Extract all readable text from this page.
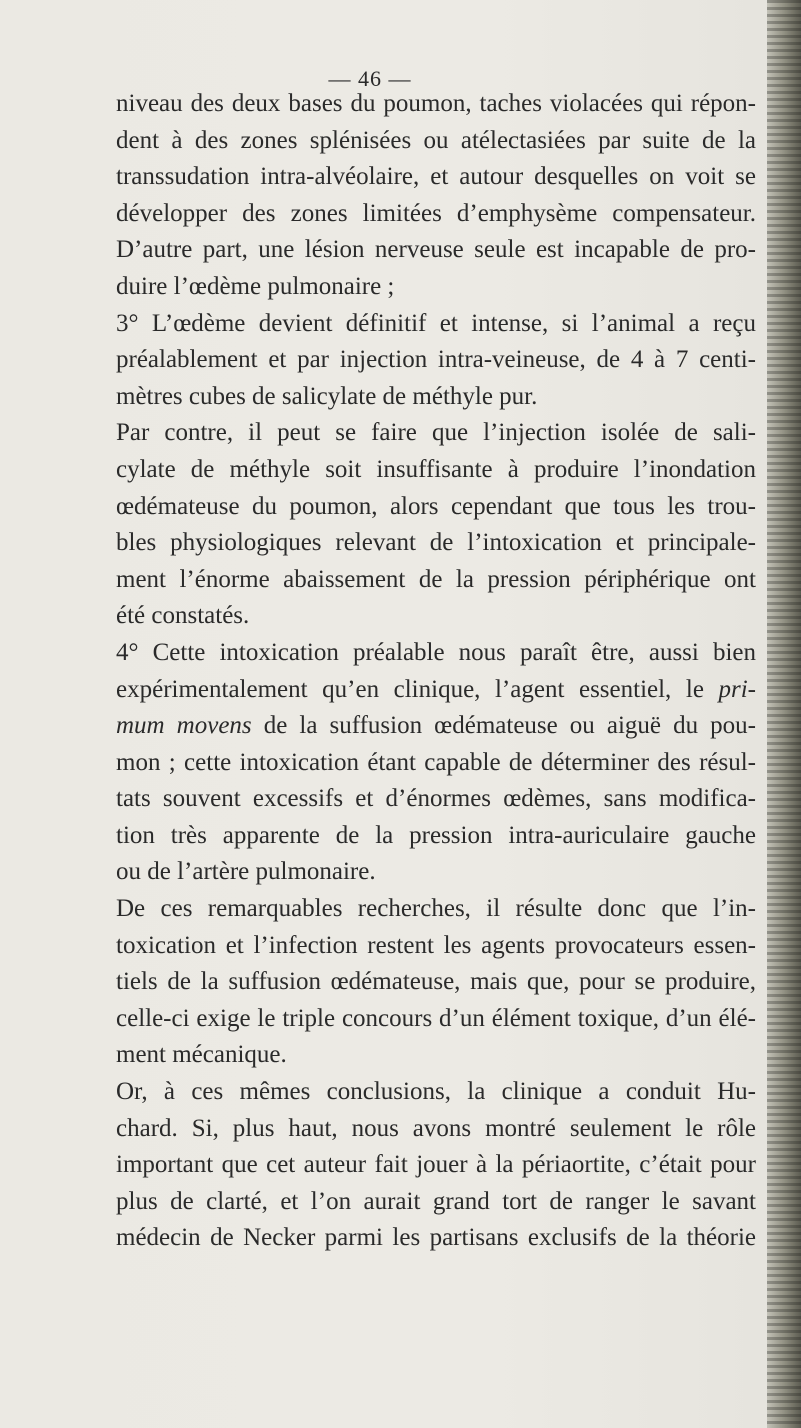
— 46 —
niveau des deux bases du poumon, taches violacées qui répon-
dent à des zones splénisées ou atélectasiées par suite de la
transsudation intra-alvéolaire, et autour desquelles on voit se
développer des zones limitées d’emphysème compensateur.
D’autre part, une lésion nerveuse seule est incapable de pro-
duire l’œdème pulmonaire ;
3° L’œdème devient définitif et intense, si l’animal a reçu
préalablement et par injection intra-veineuse, de 4 à 7 centi-
mètres cubes de salicylate de méthyle pur.
Par contre, il peut se faire que l’injection isolée de sali-
cylate de méthyle soit insuffisante à produire l’inondation
œdémateuse du poumon, alors cependant que tous les trou-
bles physiologiques relevant de l’intoxication et principale-
ment l’énorme abaissement de la pression périphérique ont
été constatés.
4° Cette intoxication préalable nous paraît être, aussi bien
expérimentalement qu’en clinique, l’agent essentiel, le pri-
mum movens de la suffusion œdémateuse ou aiguë du pou-
mon ; cette intoxication étant capable de déterminer des résul-
tats souvent excessifs et d’énormes œdèmes, sans modifica-
tion très apparente de la pression intra-auriculaire gauche
ou de l’artère pulmonaire.
De ces remarquables recherches, il résulte donc que l’in-
toxication et l’infection restent les agents provocateurs essen-
tiels de la suffusion œdémateuse, mais que, pour se produire,
celle-ci exige le triple concours d’un élément toxique, d’un élé-
ment mécanique.
Or, à ces mêmes conclusions, la clinique a conduit Hu-
chard. Si, plus haut, nous avons montré seulement le rôle
important que cet auteur fait jouer à la périaortite, c’était pour
plus de clarté, et l’on aurait grand tort de ranger le savant
médecin de Necker parmi les partisans exclusifs de la théorie
